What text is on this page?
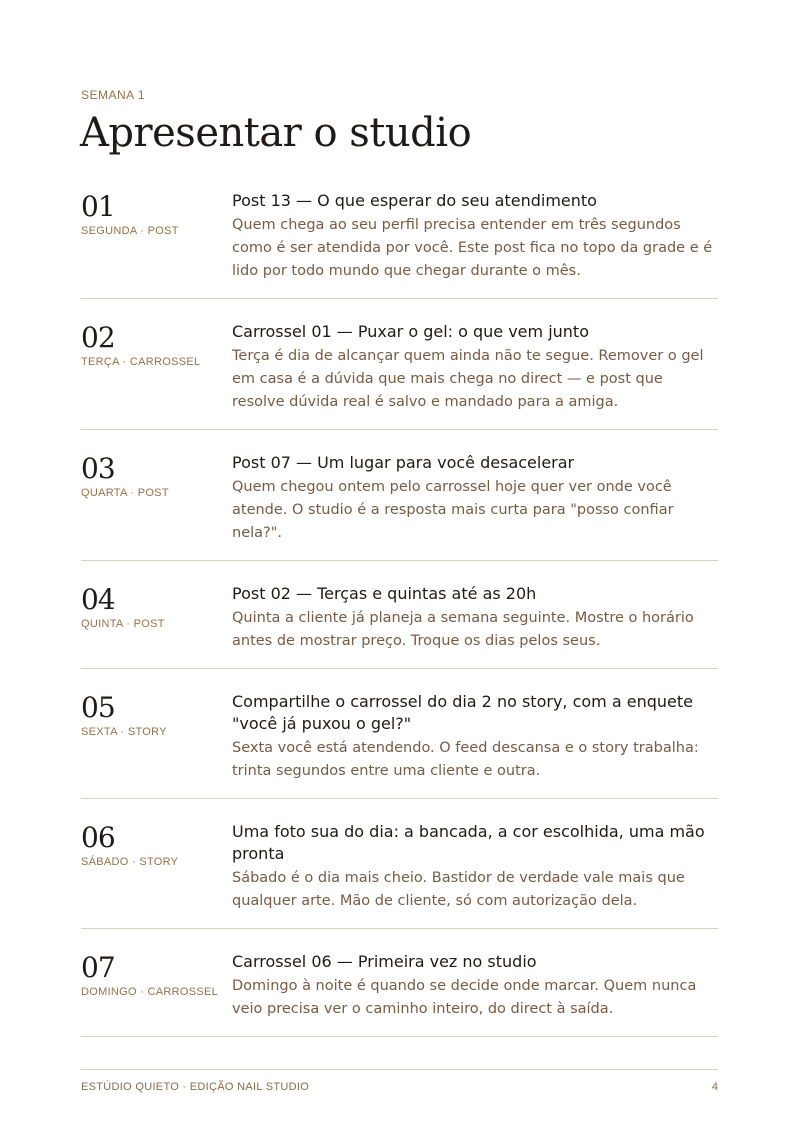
SEMANA 1
Apresentar o studio
01
SEGUNDA · POST

Post 13 — O que esperar do seu atendimento

Quem chega ao seu perfil precisa entender em três segundos como é ser atendida por você. Este post fica no topo da grade e é lido por todo mundo que chegar durante o mês.

02
TERÇA · CARROSSEL

Carrossel 01 — Puxar o gel: o que vem junto

Terça é dia de alcançar quem ainda não te segue. Remover o gel em casa é a dúvida que mais chega no direct — e post que resolve dúvida real é salvo e mandado para a amiga.

03
QUARTA · POST

Post 07 — Um lugar para você desacelerar

Quem chegou ontem pelo carrossel hoje quer ver onde você atende. O studio é a resposta mais curta para "posso confiar nela?".

04
QUINTA · POST

Post 02 — Terças e quintas até as 20h

Quinta a cliente já planeja a semana seguinte. Mostre o horário antes de mostrar preço. Troque os dias pelos seus.

05
SEXTA · STORY

Compartilhe o carrossel do dia 2 no story, com a enquete "você já puxou o gel?"

Sexta você está atendendo. O feed descansa e o story trabalha: trinta segundos entre uma cliente e outra.

06
SÁBADO · STORY

Uma foto sua do dia: a bancada, a cor escolhida, uma mão pronta

Sábado é o dia mais cheio. Bastidor de verdade vale mais que qualquer arte. Mão de cliente, só com autorização dela.

07
DOMINGO · CARROSSEL

Carrossel 06 — Primeira vez no studio

Domingo à noite é quando se decide onde marcar. Quem nunca veio precisa ver o caminho inteiro, do direct à saída.

ESTÚDIO QUIETO · EDIÇÃO NAIL STUDIO	4
